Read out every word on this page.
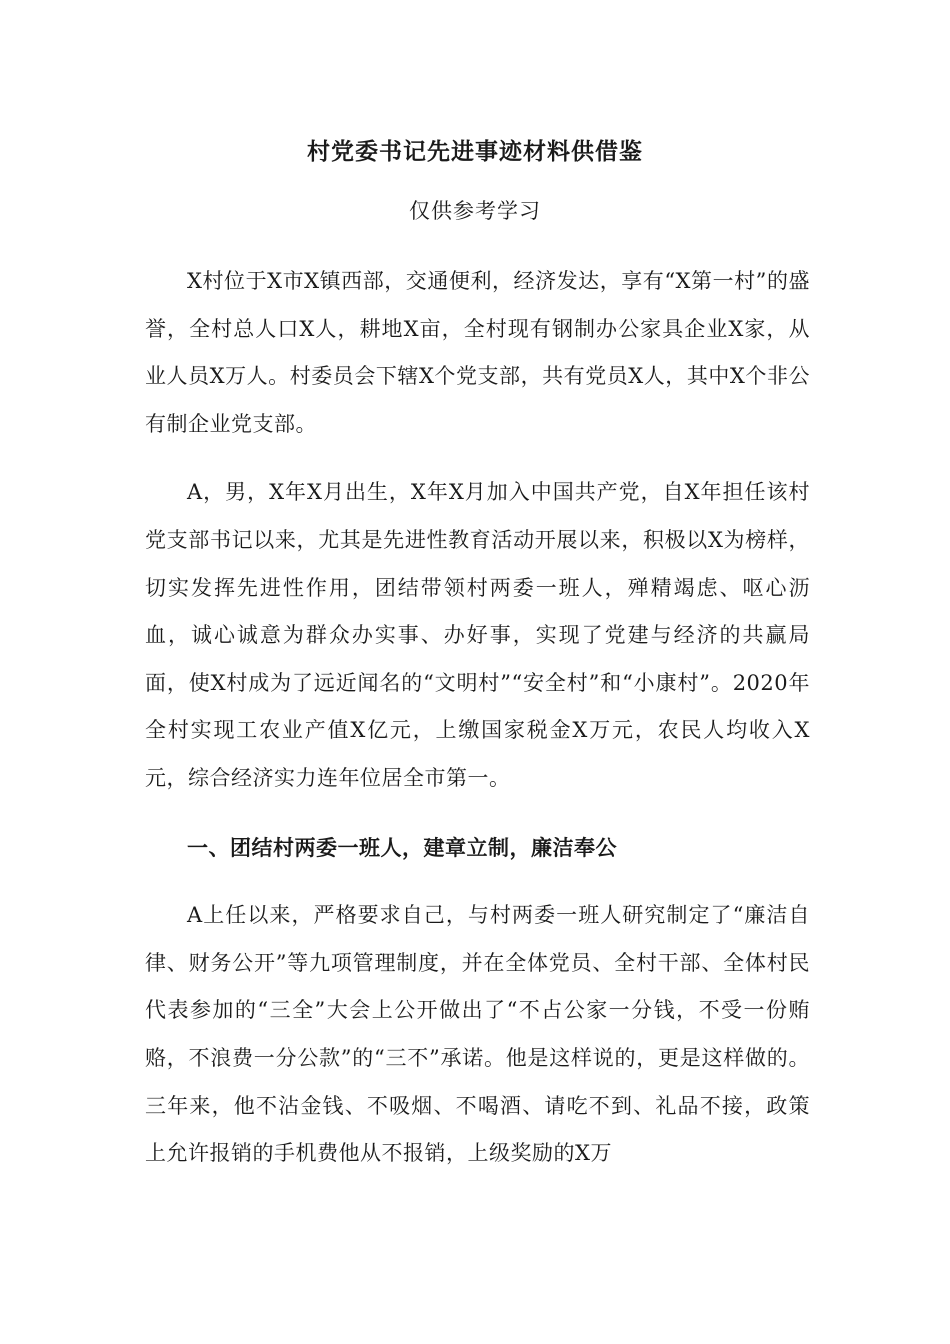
村党委书记先进事迹材料供借鉴
仅供参考学习

X村位于X市X镇西部，交通便利，经济发达，享有“X第一村”的盛誉，全村总人口X人，耕地X亩，全村现有钢制办公家具企业X家，从业人员X万人。村委员会下辖X个党支部，共有党员X人，其中X个非公有制企业党支部。

A，男，X年X月出生，X年X月加入中国共产党，自X年担任该村党支部书记以来，尤其是先进性教育活动开展以来，积极以X为榜样，切实发挥先进性作用，团结带领村两委一班人，殚精竭虑、呕心沥血，诚心诚意为群众办实事、办好事，实现了党建与经济的共赢局面，使X村成为了远近闻名的“文明村”“安全村”和“小康村”。2020年全村实现工农业产值X亿元，上缴国家税金X万元，农民人均收入X元，综合经济实力连年位居全市第一。

一、团结村两委一班人，建章立制，廉洁奉公

A上任以来，严格要求自己，与村两委一班人研究制定了“廉洁自律、财务公开”等九项管理制度，并在全体党员、全村干部、全体村民代表参加的“三全”大会上公开做出了“不占公家一分钱，不受一份贿赂，不浪费一分公款”的“三不”承诺。他是这样说的，更是这样做的。三年来，他不沾金钱、不吸烟、不喝酒、请吃不到、礼品不接，政策上允许报销的手机费他从不报销，上级奖励的X万
